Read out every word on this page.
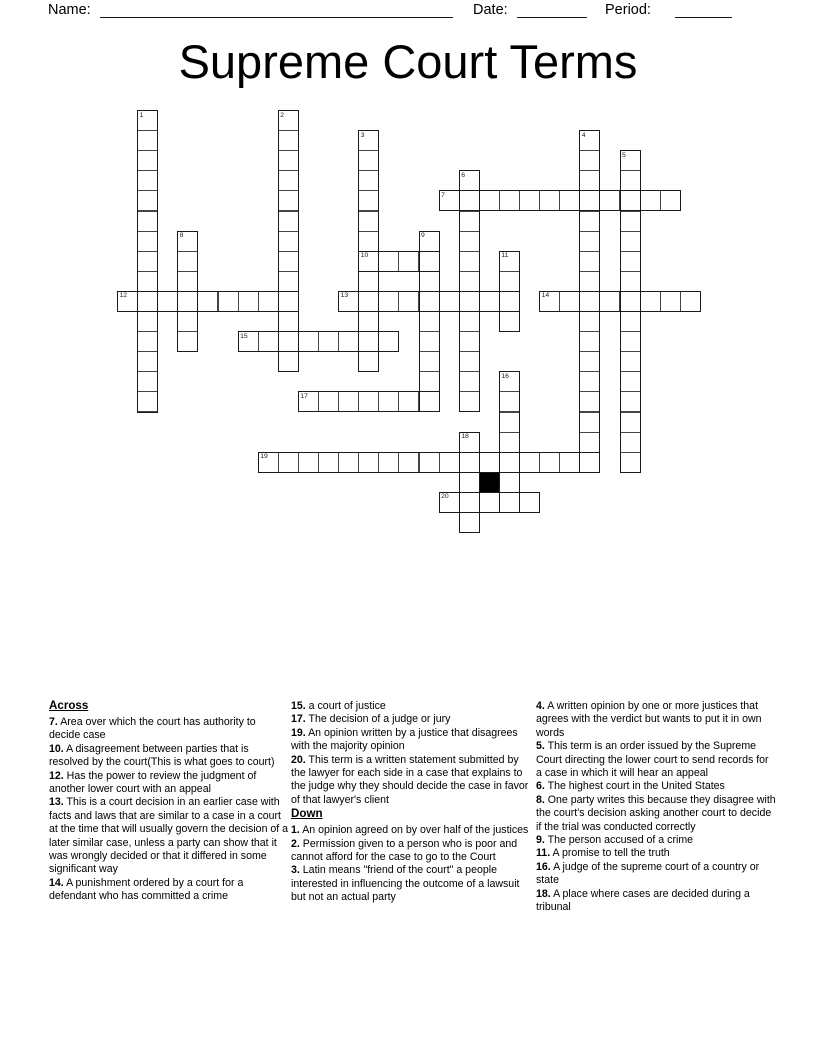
Name:	Date:	Period:
Supreme Court Terms
7
10
12	13	14
15
17
19
20
1	2
3	4
5
6
8	9
11
16
18
Across
7. Area over which the court has authority to decide case
10. A disagreement between parties that is resolved by the court(This is what goes to court)
12. Has the power to review the judgment of another lower court with an appeal
13. This is a court decision in an earlier case with facts and laws that are similar to a case in a court at the time that will usually govern the decision of a later similar case, unless a party can show that it was wrongly decided or that it differed in some significant way
14. A punishment ordered by a court for a defendant who has committed a crime
15. a court of justice
17. The decision of a judge or jury
19. An opinion written by a justice that disagrees with the majority opinion
20. This term is a written statement submitted by the lawyer for each side in a case that explains to the judge why they should decide the case in favor of that lawyer's client
Down
1. An opinion agreed on by over half of the justices
2. Permission given to a person who is poor and cannot afford for the case to go to the Court
3. Latin means "friend of the court" a people interested in influencing the outcome of a lawsuit but not an actual party
4. A written opinion by one or more justices that agrees with the verdict but wants to put it in own words
5. This term is an order issued by the Supreme Court directing the lower court to send records for a case in which it will hear an appeal
6. The highest court in the United States
8. One party writes this because they disagree with the court's decision asking another court to decide if the trial was conducted correctly
9. The person accused of a crime
11. A promise to tell the truth
16. A judge of the supreme court of a country or state
18. A place where cases are decided during a tribunal
